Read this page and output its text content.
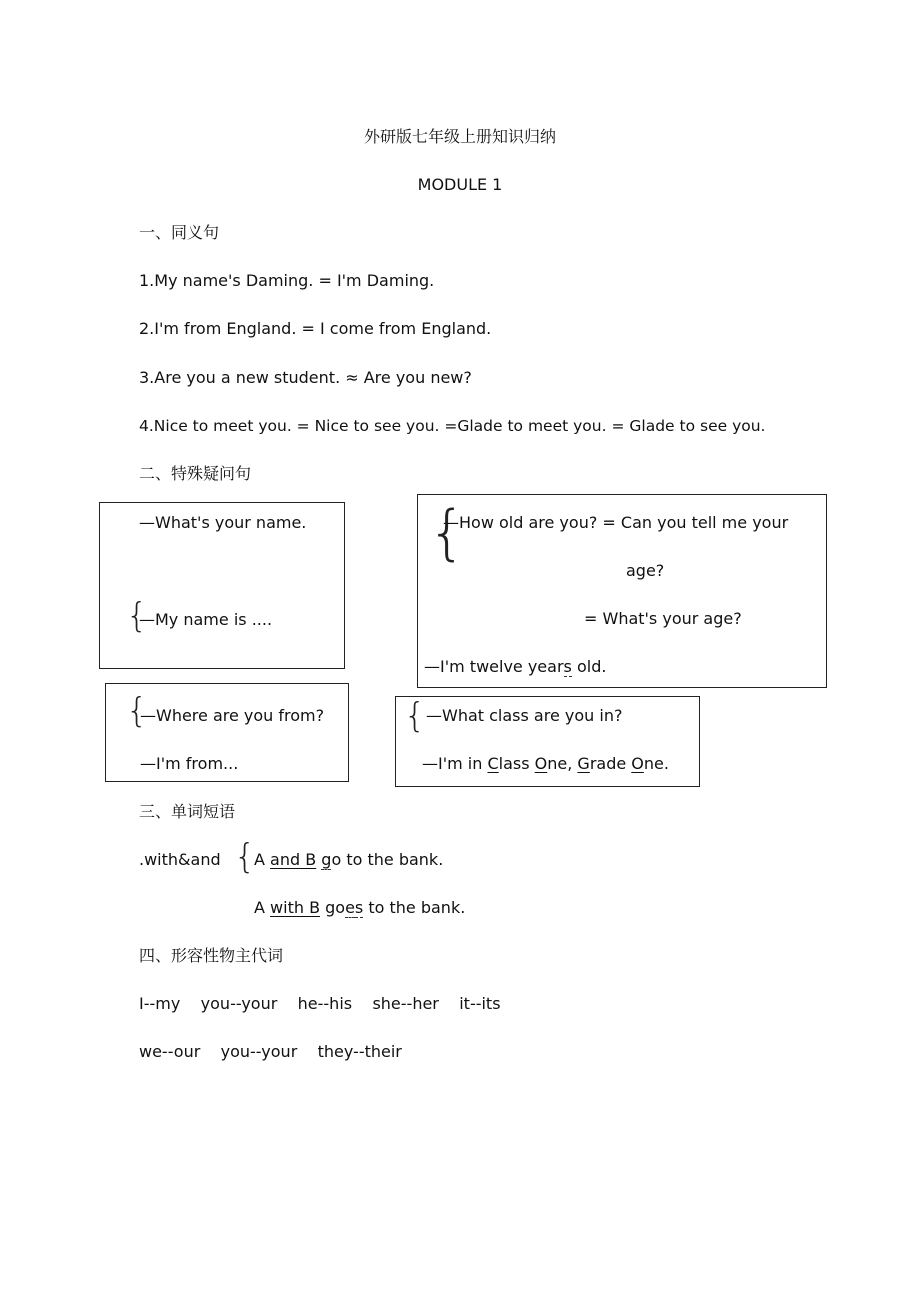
外研版七年级上册知识归纳
MODULE 1
一、同义句
1.My name's Daming. = I'm Daming.
2.I'm from England. = I come from England.
3.Are you a new student. ≈ Are you new?
4.Nice to meet you. = Nice to see you. =Glade to meet you. = Glade to see you.
二、特殊疑问句
—What's your name.
{
—My name is ....
{
—How old are you? = Can you tell me your
age?
= What's your age?
—I'm twelve years old.
{
—Where are you from?
—I'm from...
{ —What class are you in?
—I'm in Class One, Grade One.
三、单词短语
.with&and {
A and B go to the bank.
A with B goes to the bank.
四、形容性物主代词
I--my    you--your    he--his    she--her    it--its
we--our    you--your    they--their
